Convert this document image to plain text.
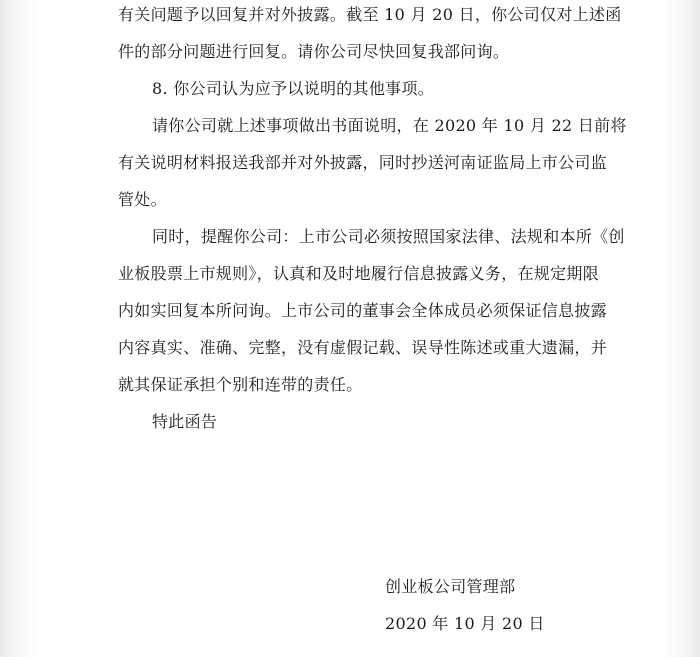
有关问题予以回复并对外披露。截至 10 月 20 日，你公司仅对上述函
件的部分问题进行回复。请你公司尽快回复我部问询。
8. 你公司认为应予以说明的其他事项。
请你公司就上述事项做出书面说明，在 2020 年 10 月 22 日前将
有关说明材料报送我部并对外披露，同时抄送河南证监局上市公司监
管处。
同时，提醒你公司：上市公司必须按照国家法律、法规和本所《创
业板股票上市规则》，认真和及时地履行信息披露义务，在规定期限
内如实回复本所问询。上市公司的董事会全体成员必须保证信息披露
内容真实、准确、完整，没有虚假记载、误导性陈述或重大遗漏，并
就其保证承担个别和连带的责任。
特此函告
创业板公司管理部
2020 年 10 月 20 日
